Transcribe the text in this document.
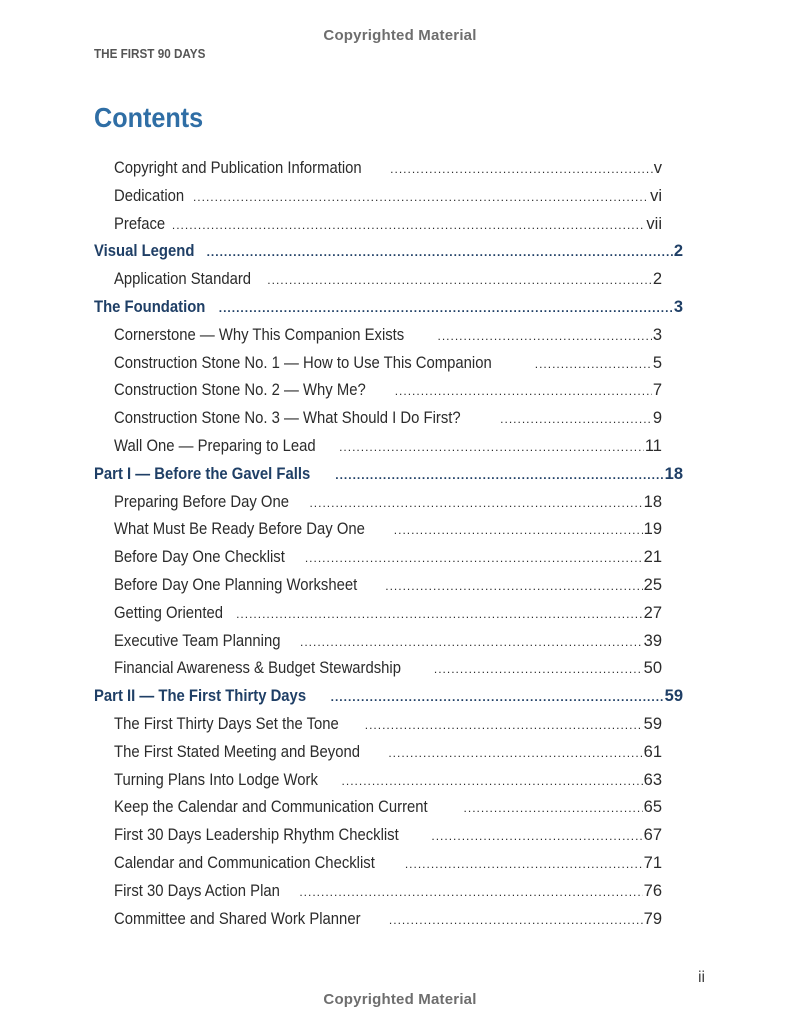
Copyrighted Material
THE FIRST 90 DAYS
Contents
Copyright and Publication Information .....	v
Dedication .....	vi
Preface .....	vii
Visual Legend .....	2
Application Standard .....	2
The Foundation .....	3
Cornerstone — Why This Companion Exists .....	3
Construction Stone No. 1 — How to Use This Companion .....	5
Construction Stone No. 2 — Why Me? .....	7
Construction Stone No. 3 — What Should I Do First? .....	9
Wall One — Preparing to Lead .....	11
Part I — Before the Gavel Falls .....	18
Preparing Before Day One .....	18
What Must Be Ready Before Day One .....	19
Before Day One Checklist .....	21
Before Day One Planning Worksheet .....	25
Getting Oriented .....	27
Executive Team Planning .....	39
Financial Awareness & Budget Stewardship .....	50
Part II — The First Thirty Days .....	59
The First Thirty Days Set the Tone .....	59
The First Stated Meeting and Beyond .....	61
Turning Plans Into Lodge Work .....	63
Keep the Calendar and Communication Current .....	65
First 30 Days Leadership Rhythm Checklist .....	67
Calendar and Communication Checklist .....	71
First 30 Days Action Plan .....	76
Committee and Shared Work Planner .....	79
ii
Copyrighted Material
